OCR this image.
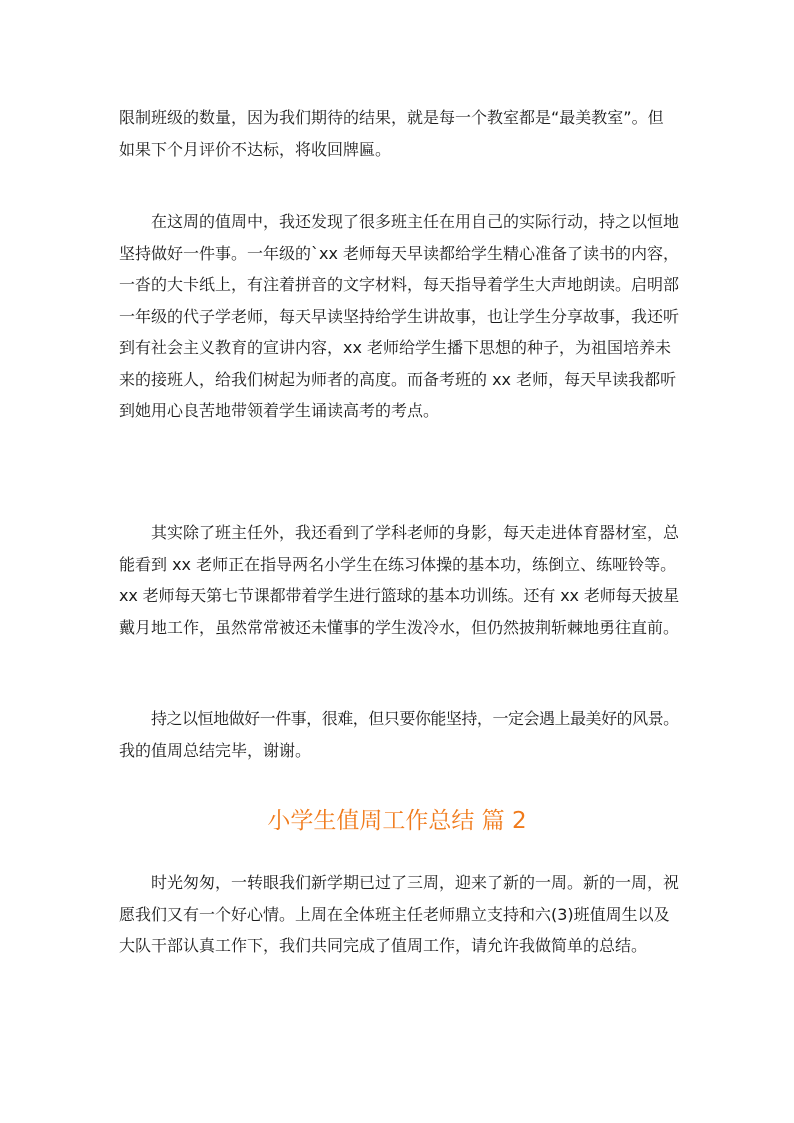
限制班级的数量，因为我们期待的结果，就是每一个教室都是“最美教室”。但
如果下个月评价不达标，将收回牌匾。

在这周的值周中，我还发现了很多班主任在用自己的实际行动，持之以恒地
坚持做好一件事。一年级的`xx 老师每天早读都给学生精心准备了读书的内容，
一沓的大卡纸上，有注着拼音的文字材料，每天指导着学生大声地朗读。启明部
一年级的代子学老师，每天早读坚持给学生讲故事，也让学生分享故事，我还听
到有社会主义教育的宣讲内容，xx 老师给学生播下思想的种子，为祖国培养未
来的接班人，给我们树起为师者的高度。而备考班的 xx 老师，每天早读我都听
到她用心良苦地带领着学生诵读高考的考点。

其实除了班主任外，我还看到了学科老师的身影，每天走进体育器材室，总
能看到 xx 老师正在指导两名小学生在练习体操的基本功，练倒立、练哑铃等。
xx 老师每天第七节课都带着学生进行篮球的基本功训练。还有 xx 老师每天披星
戴月地工作，虽然常常被还未懂事的学生泼冷水，但仍然披荆斩棘地勇往直前。

持之以恒地做好一件事，很难，但只要你能坚持，一定会遇上最美好的风景。
我的值周总结完毕，谢谢。

小学生值周工作总结 篇 2

时光匆匆，一转眼我们新学期已过了三周，迎来了新的一周。新的一周，祝
愿我们又有一个好心情。上周在全体班主任老师鼎立支持和六(3)班值周生以及
大队干部认真工作下，我们共同完成了值周工作，请允许我做简单的总结。
